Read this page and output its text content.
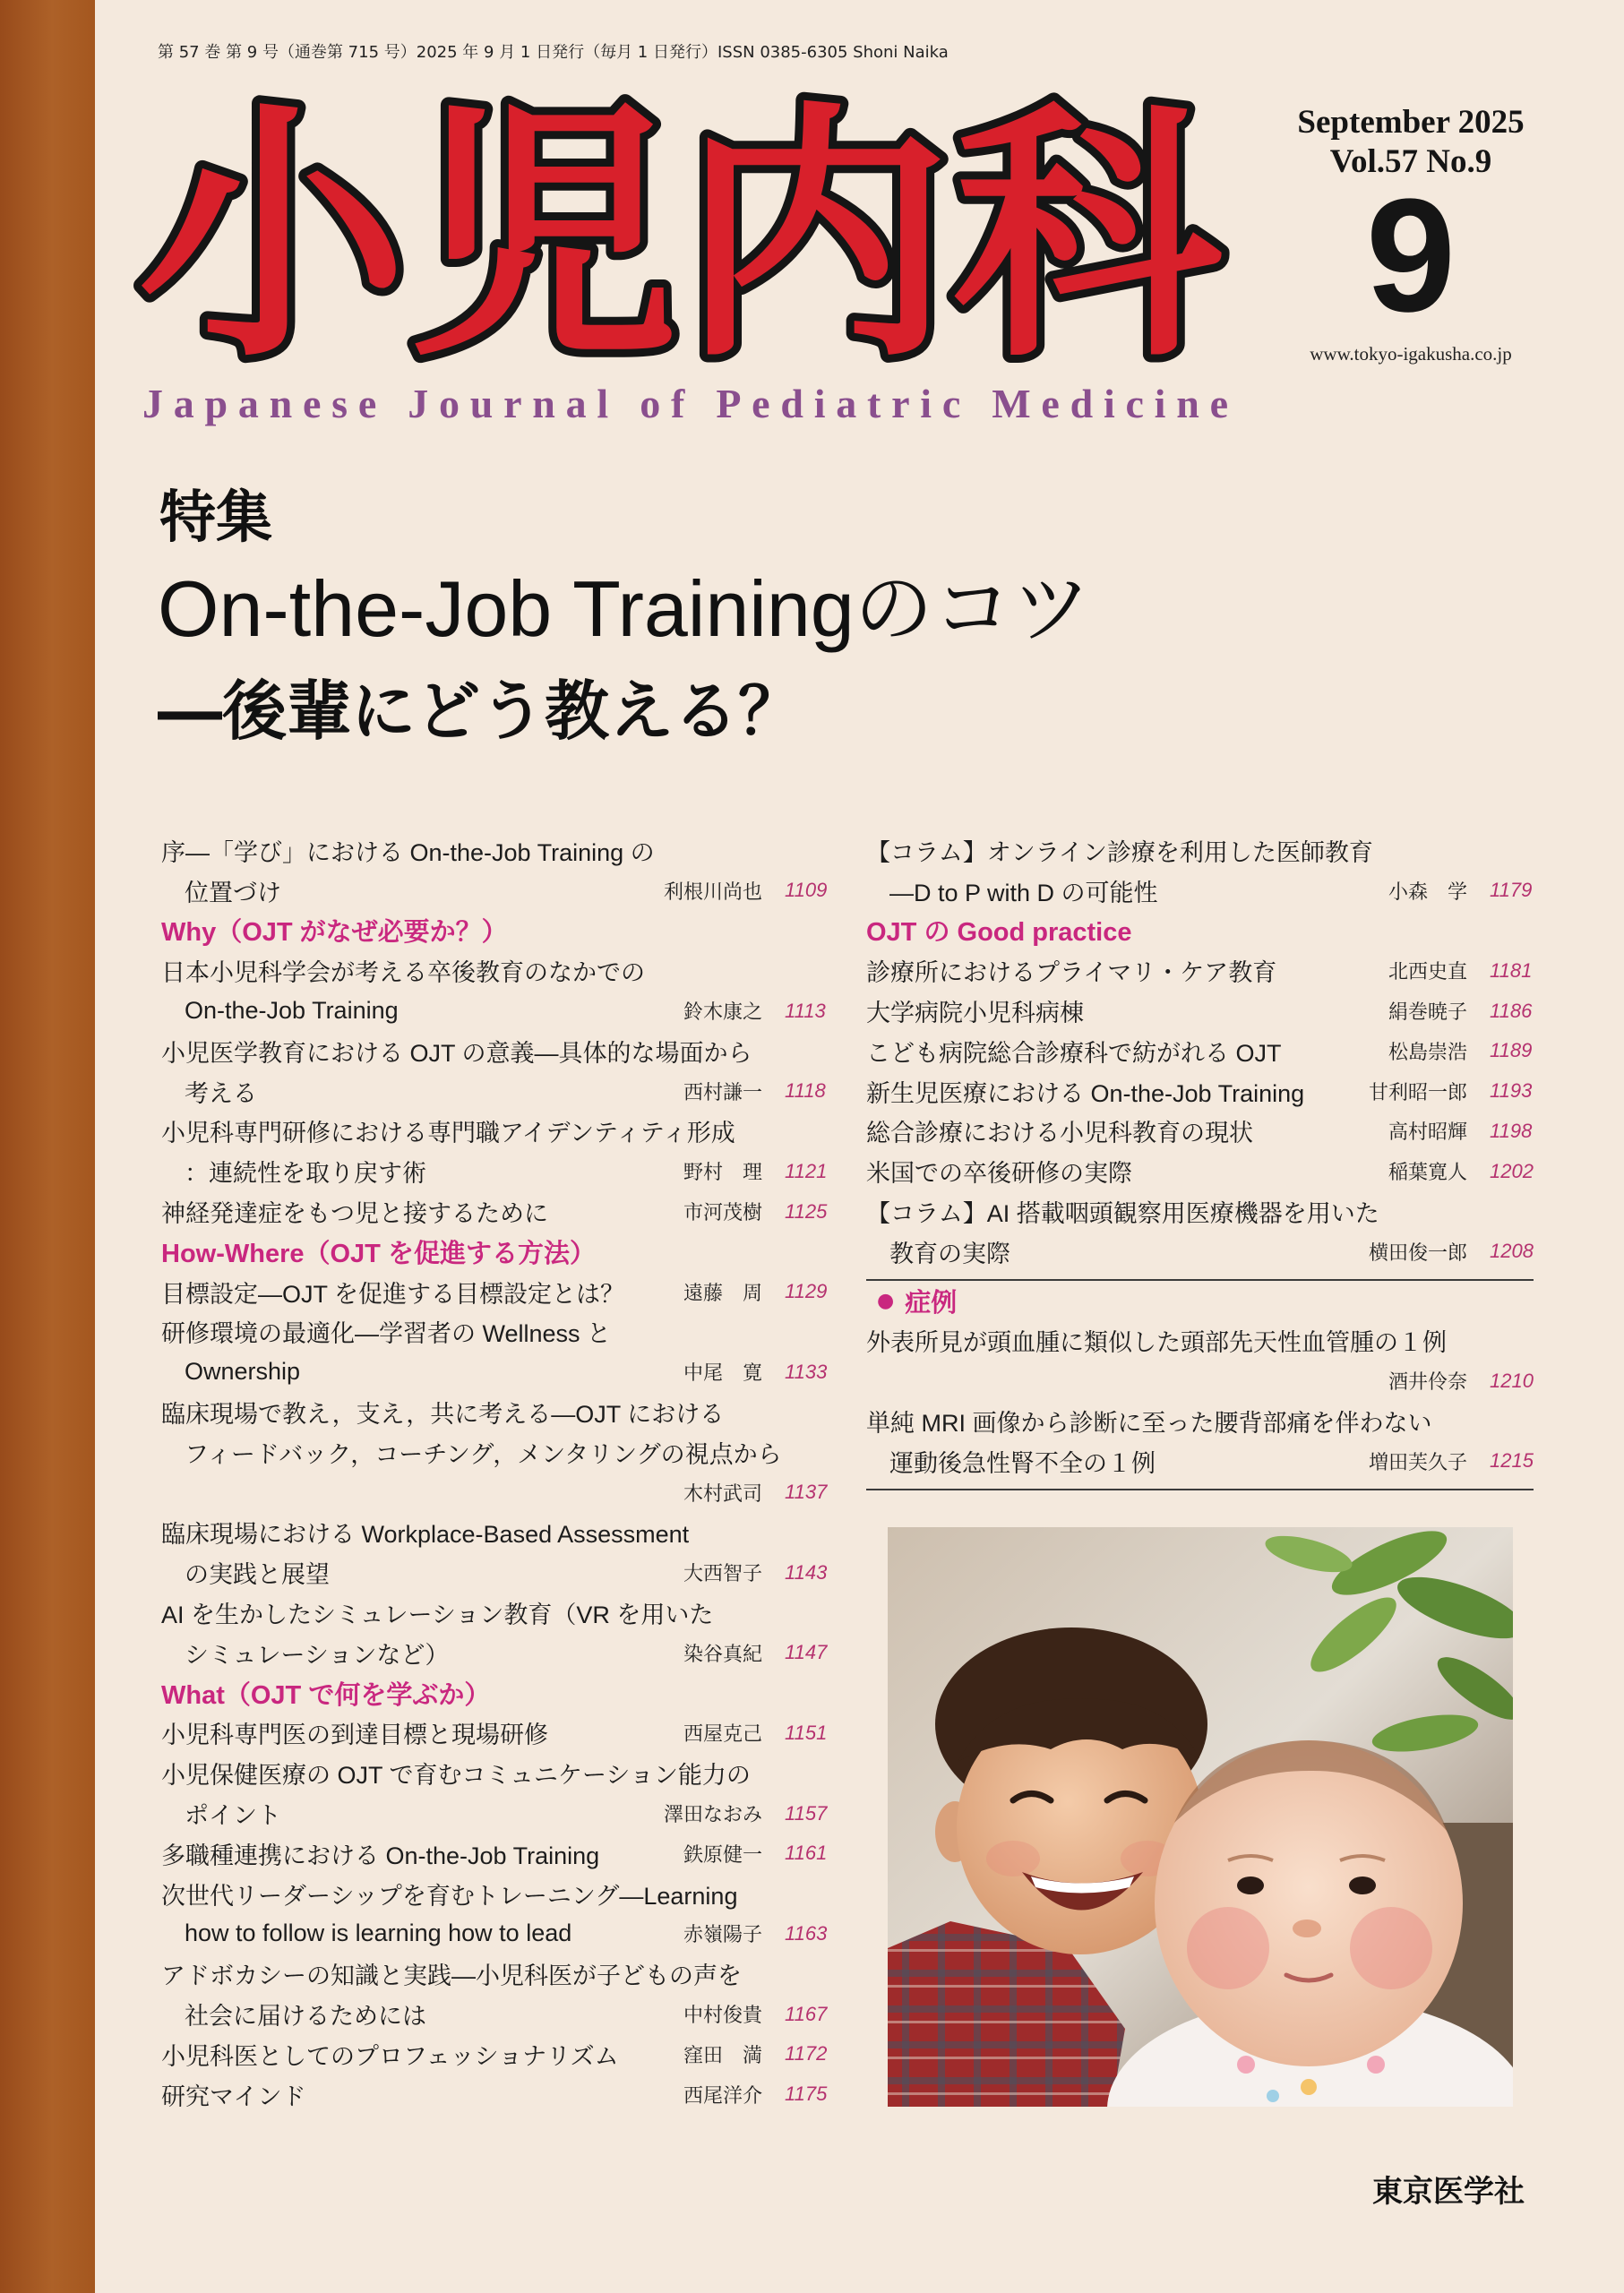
第 57 巻 第 9 号（通巻第 715 号）2025 年 9 月 1 日発行（毎月 1 日発行）ISSN 0385-6305 Shoni Naika
小児内科
Japanese Journal of Pediatric Medicine
September 2025
Vol.57 No.9
9
www.tokyo-igakusha.co.jp
特集
On-the-Job Trainingのコツ
―後輩にどう教える？
序―「学び」における On-the-Job Training の
位置づけ	利根川尚也 1109
Why（OJT がなぜ必要か？）
日本小児科学会が考える卒後教育のなかでの
On-the-Job Training	鈴木康之 1113
小児医学教育における OJT の意義―具体的な場面から
考える	西村謙一 1118
小児科専門研修における専門職アイデンティティ形成
：連続性を取り戻す術	野村　理 1121
神経発達症をもつ児と接するために	市河茂樹 1125
How-Where（OJT を促進する方法）
目標設定―OJT を促進する目標設定とは？	遠藤　周 1129
研修環境の最適化―学習者の Wellness と
Ownership	中尾　寛 1133
臨床現場で教え，支え，共に考える―OJT における
フィードバック，コーチング，メンタリングの視点から
木村武司 1137
臨床現場における Workplace-Based Assessment
の実践と展望	大西智子 1143
AI を生かしたシミュレーション教育（VR を用いた
シミュレーションなど）	染谷真紀 1147
What（OJT で何を学ぶか）
小児科専門医の到達目標と現場研修	西屋克己 1151
小児保健医療の OJT で育むコミュニケーション能力の
ポイント	澤田なおみ 1157
多職種連携における On-the-Job Training	鉄原健一 1161
次世代リーダーシップを育むトレーニング―Learning
how to follow is learning how to lead	赤嶺陽子 1163
アドボカシーの知識と実践―小児科医が子どもの声を
社会に届けるためには	中村俊貴 1167
小児科医としてのプロフェッショナリズム	窪田　満 1172
研究マインド	西尾洋介 1175
【コラム】オンライン診療を利用した医師教育
―D to P with D の可能性	小森　学 1179
OJT の Good practice
診療所におけるプライマリ・ケア教育	北西史直 1181
大学病院小児科病棟	絹巻暁子 1186
こども病院総合診療科で紡がれる OJT	松島崇浩 1189
新生児医療における On-the-Job Training	甘利昭一郎 1193
総合診療における小児科教育の現状	高村昭輝 1198
米国での卒後研修の実際	稲葉寛人 1202
【コラム】AI 搭載咽頭観察用医療機器を用いた
教育の実際	横田俊一郎 1208
● 症例
外表所見が頭血腫に類似した頭部先天性血管腫の１例
酒井伶奈 1210
単純 MRI 画像から診断に至った腰背部痛を伴わない
運動後急性腎不全の１例	増田芙久子 1215
東京医学社
